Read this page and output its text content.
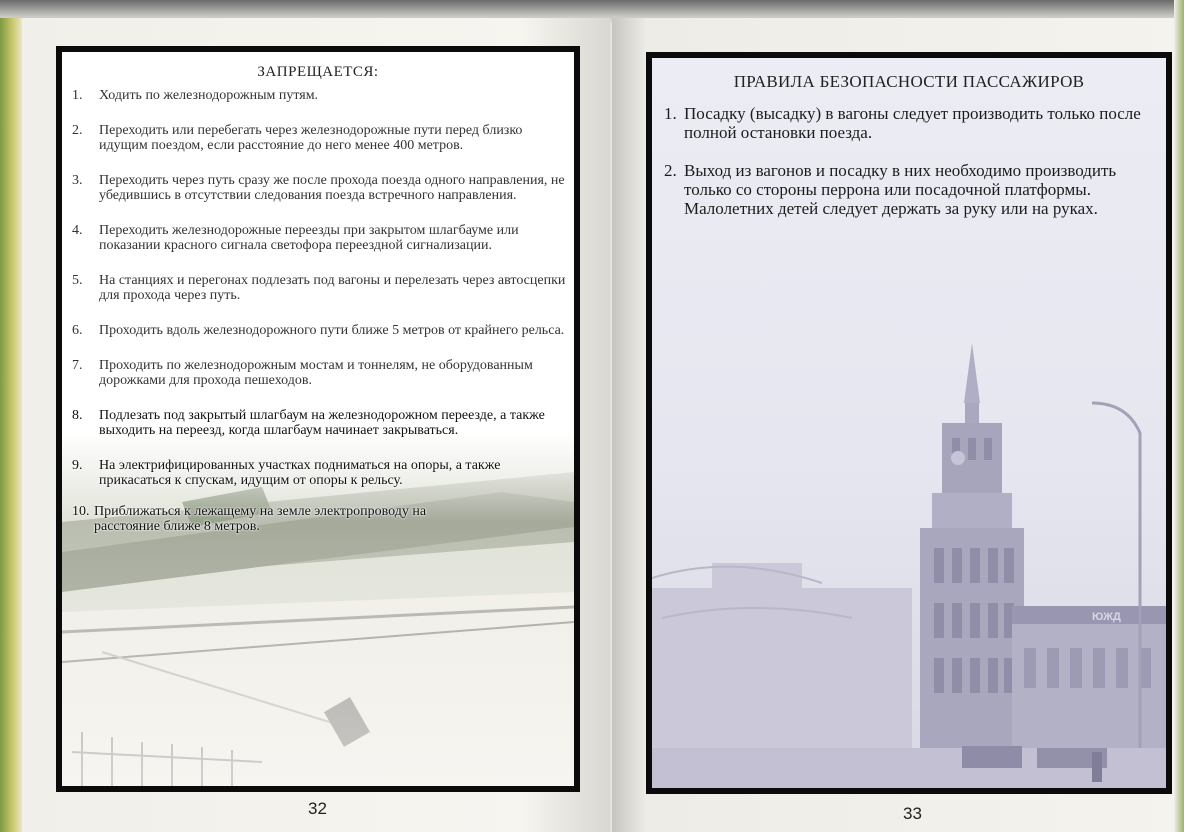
ЗАПРЕЩАЕТСЯ:
1.	Ходить по железнодорожным путям.
2.	Переходить или перебегать через железнодорожные пути перед близко идущим поездом, если расстояние до него менее 400 метров.
3.	Переходить через путь сразу же после прохода поезда одного направления, не убедившись в отсутствии следования поезда встречного направления.
4.	Переходить железнодорожные переезды при закрытом шлагбауме или показании красного сигнала светофора переездной сигнализации.
5.	На станциях и перегонах подлезать под вагоны и перелезать через автосцепки для прохода через путь.
6.	Проходить вдоль железнодорожного пути ближе 5 метров от крайнего рельса.
7.	Проходить по железнодорожным мостам и тоннелям, не оборудованным дорожками для прохода пешеходов.
8.	Подлезать под закрытый шлагбаум на железнодорожном переезде, а также выходить на переезд, когда шлагбаум начинает закрываться.
9.	На электрифицированных участках подниматься на опоры, а также прикасаться к спускам, идущим от опоры к рельсу.
10. Приближаться к лежащему на земле электропроводу на расстояние ближе 8 метров.
32
ЮЖД
ПРАВИЛА БЕЗОПАСНОСТИ ПАССАЖИРОВ
1. Посадку (высадку) в вагоны следует производить только после полной остановки поезда.
2. Выход из вагонов и посадку в них необходимо производить только со стороны перрона или посадочной платформы. Малолетних детей следует держать за руку или на руках.
33
